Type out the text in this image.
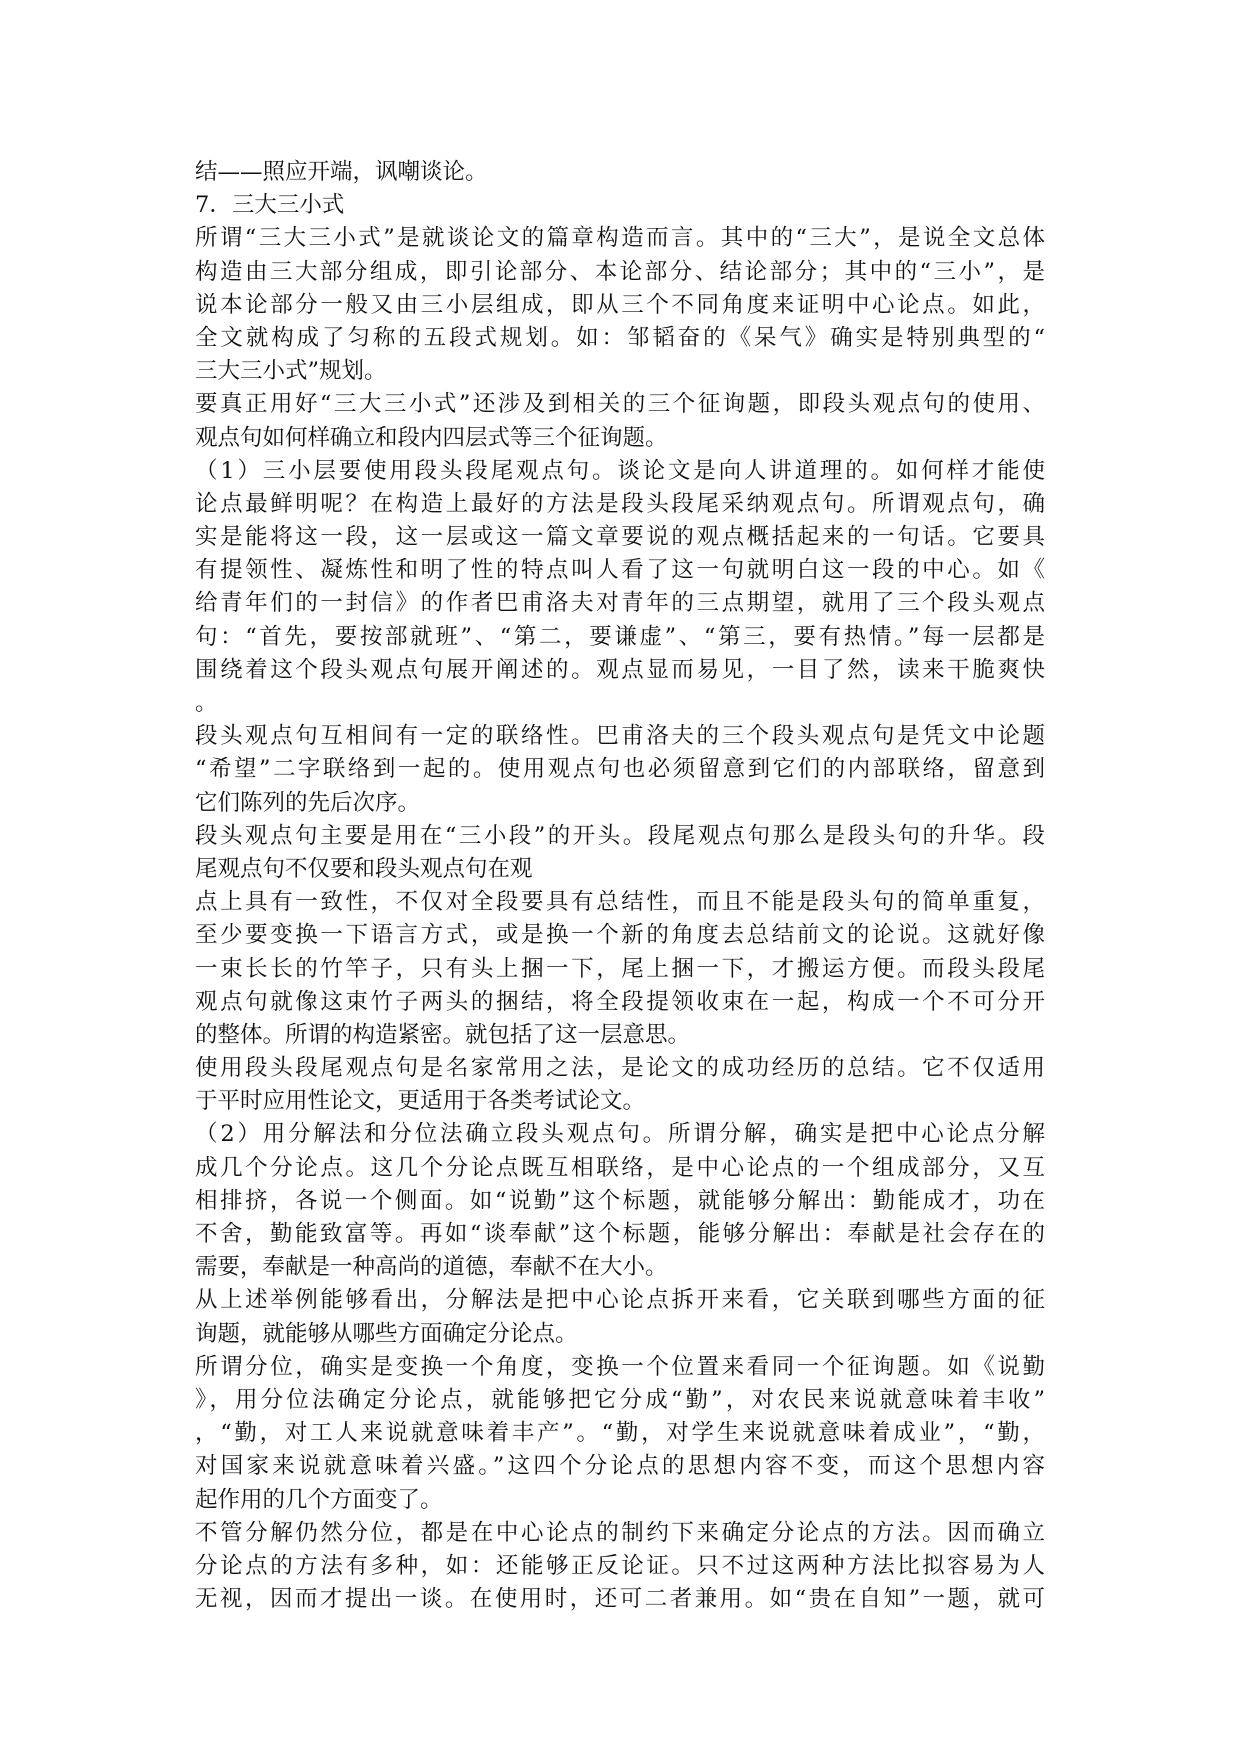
结——照应开端，讽嘲谈论。
7．三大三小式
所谓“三大三小式”是就谈论文的篇章构造而言。其中的“三大”，是说全文总体
构造由三大部分组成，即引论部分、本论部分、结论部分；其中的“三小”，是
说本论部分一般又由三小层组成，即从三个不同角度来证明中心论点。如此，
全文就构成了匀称的五段式规划。如：邹韬奋的《呆气》确实是特别典型的“
三大三小式”规划。
要真正用好“三大三小式”还涉及到相关的三个征询题，即段头观点句的使用、
观点句如何样确立和段内四层式等三个征询题。
（1）三小层要使用段头段尾观点句。谈论文是向人讲道理的。如何样才能使
论点最鲜明呢？在构造上最好的方法是段头段尾采纳观点句。所谓观点句，确
实是能将这一段，这一层或这一篇文章要说的观点概括起来的一句话。它要具
有提领性、凝炼性和明了性的特点叫人看了这一句就明白这一段的中心。如《
给青年们的一封信》的作者巴甫洛夫对青年的三点期望，就用了三个段头观点
句：“首先，要按部就班”、“第二，要谦虚”、“第三，要有热情。”每一层都是
围绕着这个段头观点句展开阐述的。观点显而易见，一目了然，读来干脆爽快
。
段头观点句互相间有一定的联络性。巴甫洛夫的三个段头观点句是凭文中论题
“希望”二字联络到一起的。使用观点句也必须留意到它们的内部联络，留意到
它们陈列的先后次序。
段头观点句主要是用在“三小段”的开头。段尾观点句那么是段头句的升华。段
尾观点句不仅要和段头观点句在观
点上具有一致性，不仅对全段要具有总结性，而且不能是段头句的简单重复，
至少要变换一下语言方式，或是换一个新的角度去总结前文的论说。这就好像
一束长长的竹竿子，只有头上捆一下，尾上捆一下，才搬运方便。而段头段尾
观点句就像这束竹子两头的捆结，将全段提领收束在一起，构成一个不可分开
的整体。所谓的构造紧密。就包括了这一层意思。
使用段头段尾观点句是名家常用之法，是论文的成功经历的总结。它不仅适用
于平时应用性论文，更适用于各类考试论文。
（2）用分解法和分位法确立段头观点句。所谓分解，确实是把中心论点分解
成几个分论点。这几个分论点既互相联络，是中心论点的一个组成部分，又互
相排挤，各说一个侧面。如“说勤”这个标题，就能够分解出：勤能成才，功在
不舍，勤能致富等。再如“谈奉献”这个标题，能够分解出：奉献是社会存在的
需要，奉献是一种高尚的道德，奉献不在大小。
从上述举例能够看出，分解法是把中心论点拆开来看，它关联到哪些方面的征
询题，就能够从哪些方面确定分论点。
所谓分位，确实是变换一个角度，变换一个位置来看同一个征询题。如《说勤
》，用分位法确定分论点，就能够把它分成“勤”，对农民来说就意味着丰收”
，“勤，对工人来说就意味着丰产”。“勤，对学生来说就意味着成业”，“勤，
对国家来说就意味着兴盛。”这四个分论点的思想内容不变，而这个思想内容
起作用的几个方面变了。
不管分解仍然分位，都是在中心论点的制约下来确定分论点的方法。因而确立
分论点的方法有多种，如：还能够正反论证。只不过这两种方法比拟容易为人
无视，因而才提出一谈。在使用时，还可二者兼用。如“贵在自知”一题，就可
